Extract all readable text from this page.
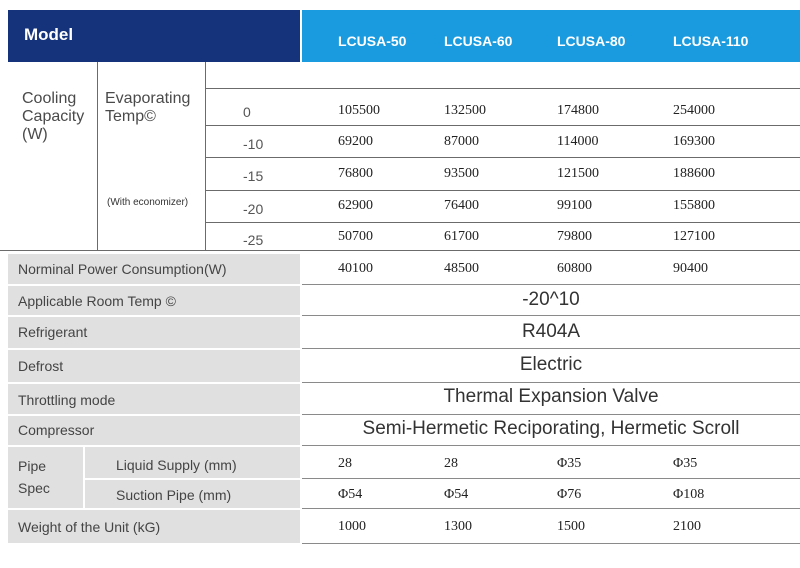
Model	LCUSA-50	LCUSA-60	LCUSA-80	LCUSA-110
Cooling
Capacity
(W)
Evaporating
Temp©
(With economizer)
0	105500	132500	174800	254000
-10	69200	87000	114000	169300
-15	76800	93500	121500	188600
-20	62900	76400	99100	155800
-25	50700	61700	79800	127100
Norminal Power Consumption(W)	40100	48500	60800	90400
Applicable Room Temp ©	-20^10
Refrigerant	R404A
Defrost	Electric
Throttling mode	Thermal Expansion Valve
Compressor	Semi-Hermetic Reciporating, Hermetic Scroll
Pipe
Spec
Liquid Supply (mm)	28	28	Φ35	Φ35
Suction Pipe (mm)	Φ54	Φ54	Φ76	Φ108
Weight of the Unit (kG)	1000	1300	1500	2100
